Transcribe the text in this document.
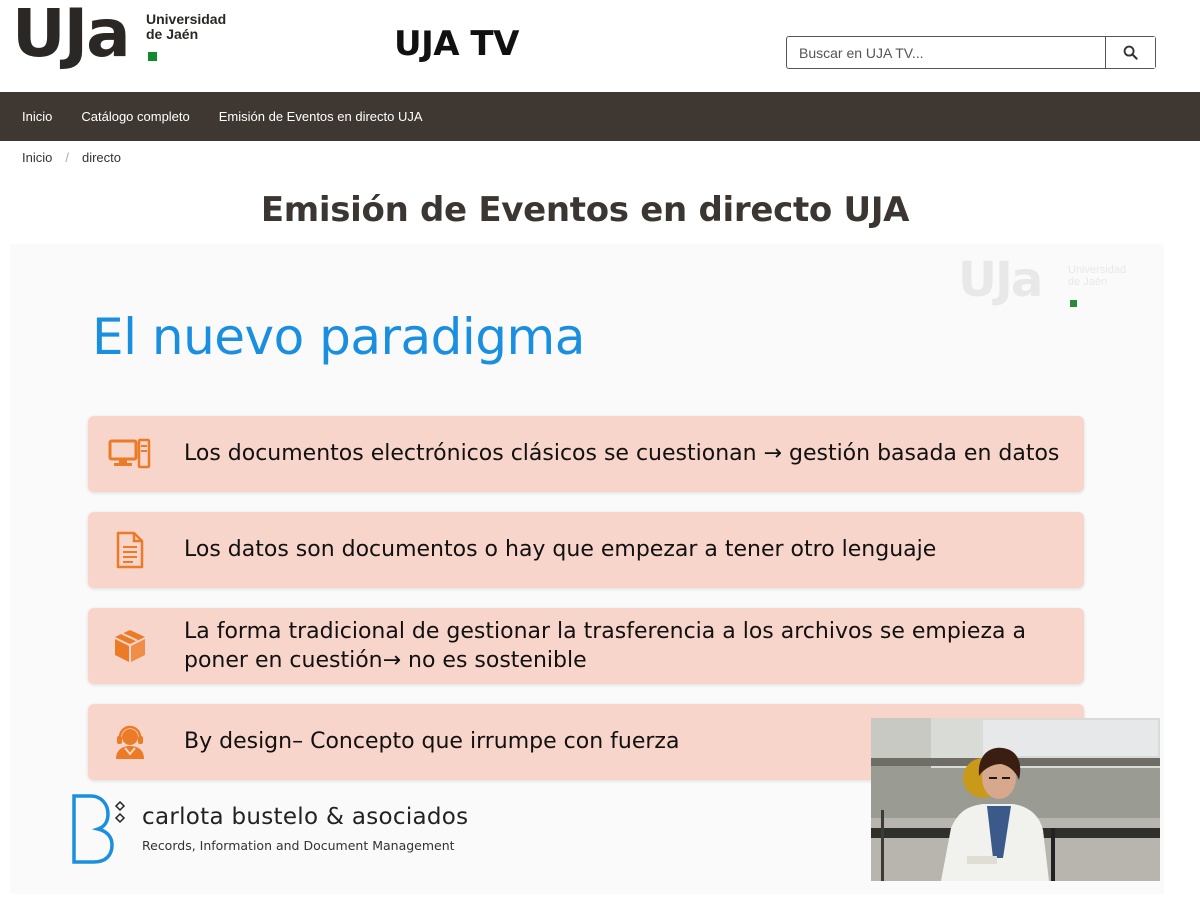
UJa Universidad
de Jaén	UJA TV
Buscar en UJA TV...
Inicio Catálogo completo Emisión de Eventos en directo UJA
Inicio / directo
Emisión de Eventos en directo UJA
UJa Universidad
de Jaén
El nuevo paradigma
Los documentos electrónicos clásicos se cuestionan → gestión basada en datos
Los datos son documentos o hay que empezar a tener otro lenguaje
La forma tradicional de gestionar la trasferencia a los archivos se empieza a poner en cuestión→ no es sostenible
By design– Concepto que irrumpe con fuerza
carlota bustelo & asociados
Records, Information and Document Management
